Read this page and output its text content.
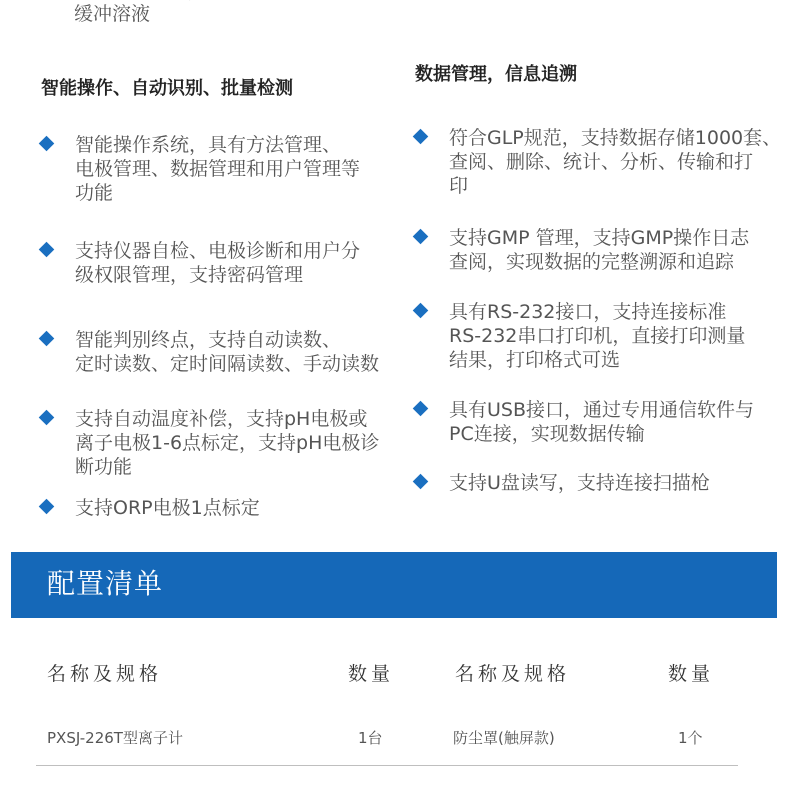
缓冲溶液

智能操作、自动识别、批量检测
数据管理，信息追溯
智能操作系统，具有方法管理、
电极管理、数据管理和用户管理等
功能
支持仪器自检、电极诊断和用户分
级权限管理，支持密码管理
智能判别终点，支持自动读数、
定时读数、定时间隔读数、手动读数
支持自动温度补偿，支持pH电极或
离子电极1-6点标定，支持pH电极诊
断功能
支持ORP电极1点标定
符合GLP规范，支持数据存储1000套、
查阅、删除、统计、分析、传输和打
印
支持GMP 管理，支持GMP操作日志
查阅，实现数据的完整溯源和追踪
具有RS-232接口，支持连接标准
RS-232串口打印机，直接打印测量
结果，打印格式可选
具有USB接口，通过专用通信软件与
PC连接，实现数据传输
支持U盘读写，支持连接扫描枪
配置清单
名称及规格	数量	名称及规格	数量
PXSJ-226T型离子计	1台	防尘罩(触屏款)	1个
